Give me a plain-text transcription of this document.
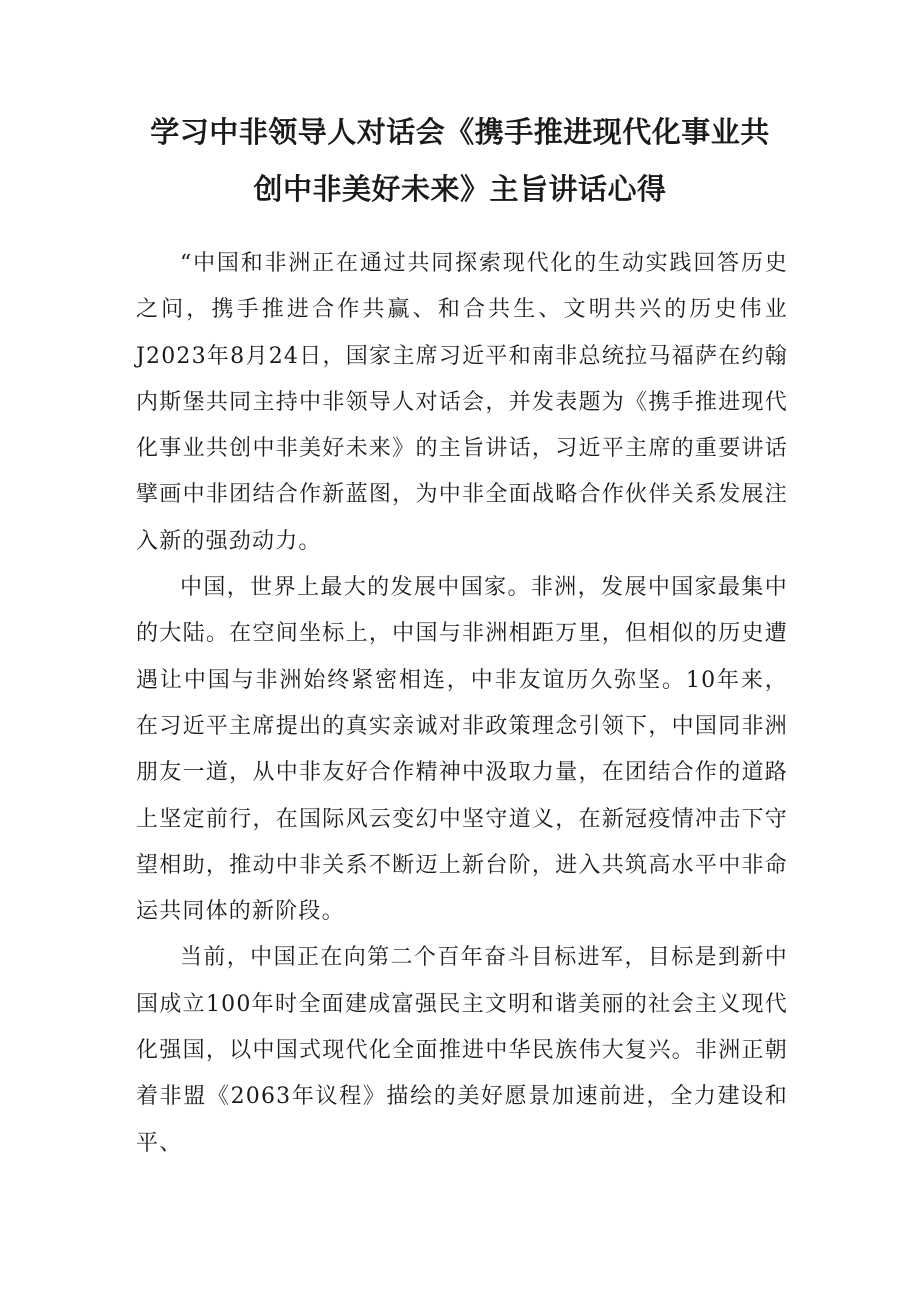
学习中非领导人对话会《携手推进现代化事业共
创中非美好未来》主旨讲话心得

“中国和非洲正在通过共同探索现代化的生动实践回答历史之问，携手推进合作共赢、和合共生、文明共兴的历史伟业J2023年8月24日，国家主席习近平和南非总统拉马福萨在约翰内斯堡共同主持中非领导人对话会，并发表题为《携手推进现代化事业共创中非美好未来》的主旨讲话，习近平主席的重要讲话擘画中非团结合作新蓝图，为中非全面战略合作伙伴关系发展注入新的强劲动力。

中国，世界上最大的发展中国家。非洲，发展中国家最集中的大陆。在空间坐标上，中国与非洲相距万里，但相似的历史遭遇让中国与非洲始终紧密相连，中非友谊历久弥坚。10年来，在习近平主席提出的真实亲诚对非政策理念引领下，中国同非洲朋友一道，从中非友好合作精神中汲取力量，在团结合作的道路上坚定前行，在国际风云变幻中坚守道义，在新冠疫情冲击下守望相助，推动中非关系不断迈上新台阶，进入共筑高水平中非命运共同体的新阶段。

当前，中国正在向第二个百年奋斗目标进军，目标是到新中国成立100年时全面建成富强民主文明和谐美丽的社会主义现代化强国，以中国式现代化全面推进中华民族伟大复兴。非洲正朝着非盟《2063年议程》描绘的美好愿景加速前进，全力建设和平、
